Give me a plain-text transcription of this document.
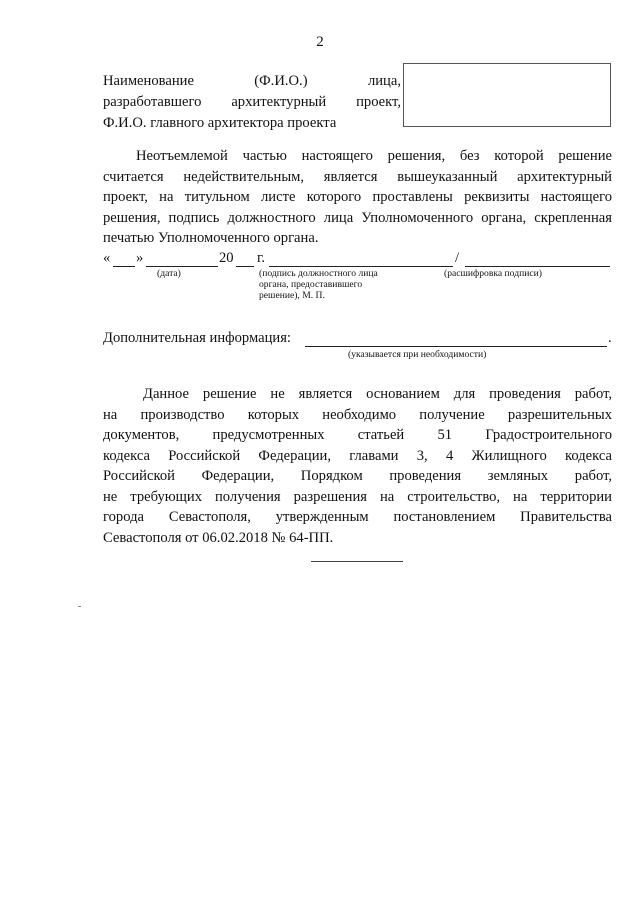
2
Наименование	(Ф.И.О.)	лица,
разработавшего архитектурный проект,
Ф.И.О. главного архитектора проекта
Неотъемлемой частью настоящего решения, без которой решение
считается недействительным, является вышеуказанный архитектурный
проект, на титульном листе которого проставлены реквизиты настоящего
решения, подпись должностного лица Уполномоченного органа, скрепленная
печатью Уполномоченного органа.
« »	20 г.	/
(дата)	(подпись должностного лица
органа, предоставившего
решение), М. П.
(расшифровка подписи)
Дополнительная информация:	.
(указывается при необходимости)
Данное решение не является основанием для проведения работ,
на производство которых необходимо получение разрешительных
документов, предусмотренных статьей 51 Градостроительного
кодекса Российской Федерации, главами 3, 4 Жилищного кодекса
Российской Федерации, Порядком проведения земляных работ,
не требующих получения разрешения на строительство, на территории
города Севастополя, утвержденным постановлением Правительства
Севастополя от 06.02.2018 № 64-ПП.
